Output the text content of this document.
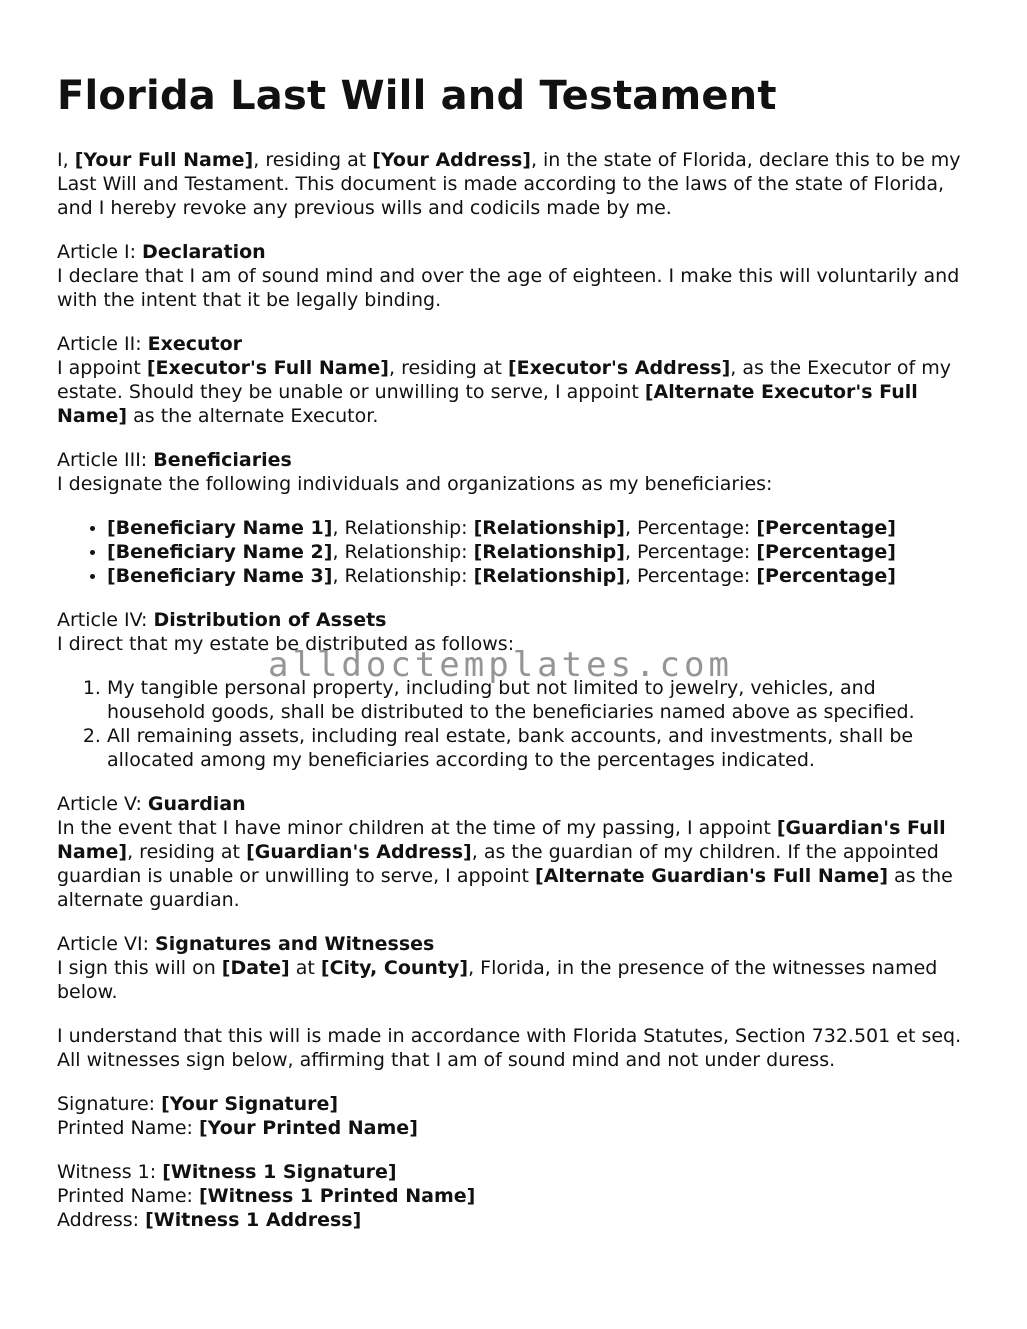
Florida Last Will and Testament

I, [Your Full Name], residing at [Your Address], in the state of Florida, declare this to be my Last Will and Testament. This document is made according to the laws of the state of Florida, and I hereby revoke any previous wills and codicils made by me.

Article I: Declaration
I declare that I am of sound mind and over the age of eighteen. I make this will voluntarily and with the intent that it be legally binding.

Article II: Executor
I appoint [Executor's Full Name], residing at [Executor's Address], as the Executor of my estate. Should they be unable or unwilling to serve, I appoint [Alternate Executor's Full Name] as the alternate Executor.

Article III: Beneficiaries
I designate the following individuals and organizations as my beneficiaries:

• [Beneficiary Name 1], Relationship: [Relationship], Percentage: [Percentage]
• [Beneficiary Name 2], Relationship: [Relationship], Percentage: [Percentage]
• [Beneficiary Name 3], Relationship: [Relationship], Percentage: [Percentage]

Article IV: Distribution of Assets
I direct that my estate be distributed as follows:

1. My tangible personal property, including but not limited to jewelry, vehicles, and household goods, shall be distributed to the beneficiaries named above as specified.
2. All remaining assets, including real estate, bank accounts, and investments, shall be allocated among my beneficiaries according to the percentages indicated.

Article V: Guardian
In the event that I have minor children at the time of my passing, I appoint [Guardian's Full Name], residing at [Guardian's Address], as the guardian of my children. If the appointed guardian is unable or unwilling to serve, I appoint [Alternate Guardian's Full Name] as the alternate guardian.

Article VI: Signatures and Witnesses
I sign this will on [Date] at [City, County], Florida, in the presence of the witnesses named below.

I understand that this will is made in accordance with Florida Statutes, Section 732.501 et seq. All witnesses sign below, affirming that I am of sound mind and not under duress.

Signature: [Your Signature]
Printed Name: [Your Printed Name]

Witness 1: [Witness 1 Signature]
Printed Name: [Witness 1 Printed Name]
Address: [Witness 1 Address]

alldoctemplates.com
